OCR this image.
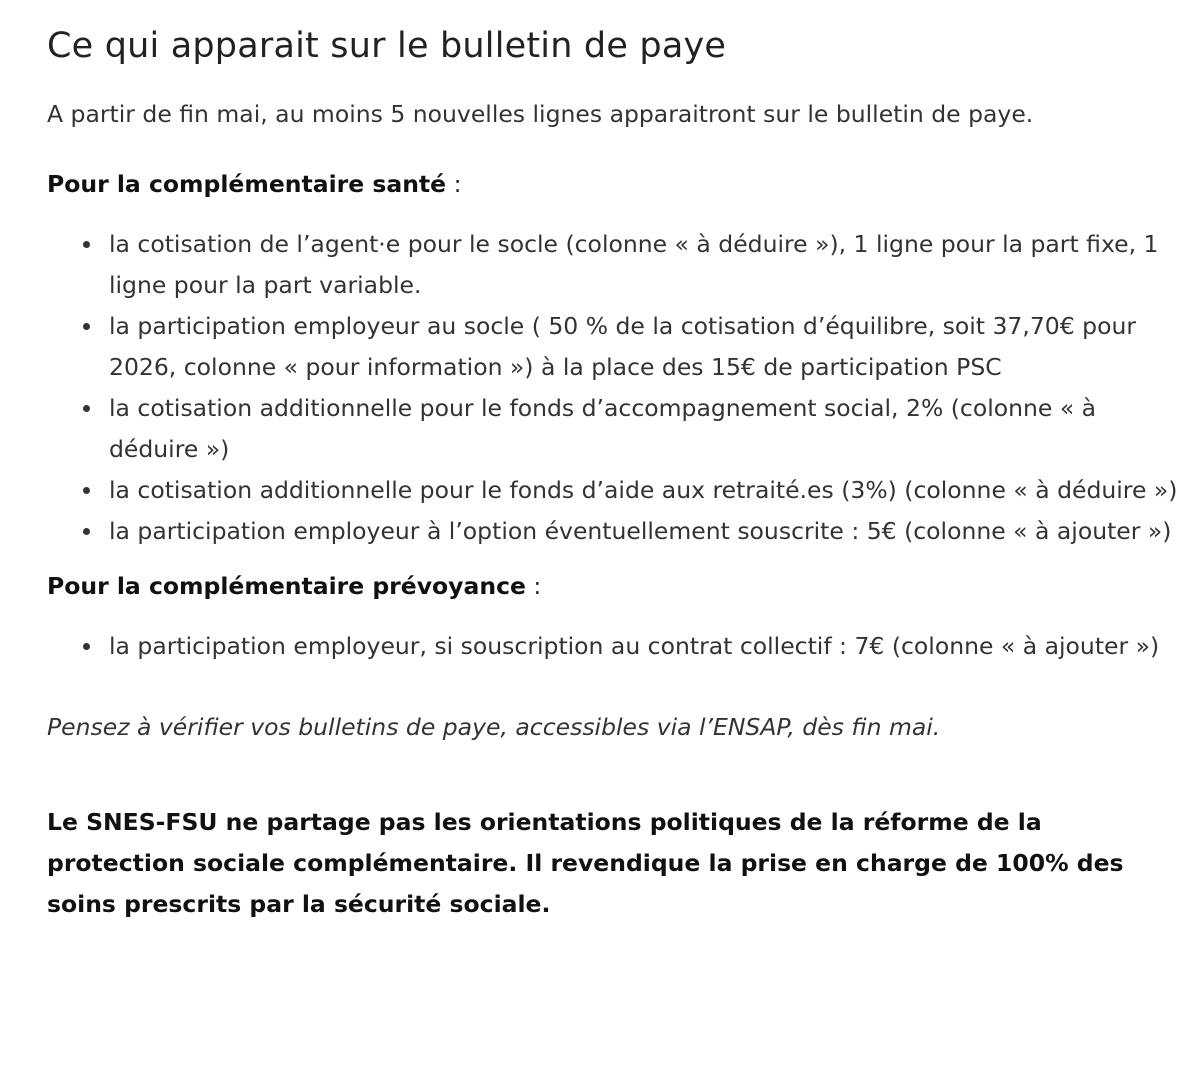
Ce qui apparait sur le bulletin de paye

A partir de fin mai, au moins 5 nouvelles lignes apparaitront sur le bulletin de paye.

Pour la complémentaire santé :

la cotisation de l’agent·e pour le socle (colonne « à déduire »), 1 ligne pour la part fixe, 1 ligne pour la part variable.
la participation employeur au socle ( 50 % de la cotisation d’équilibre, soit 37,70€ pour 2026, colonne « pour information ») à la place des 15€ de participation PSC
la cotisation additionnelle pour le fonds d’accompagnement social, 2% (colonne « à déduire »)
la cotisation additionnelle pour le fonds d’aide aux retraité.es (3%) (colonne « à déduire »)
la participation employeur à l’option éventuellement souscrite : 5€ (colonne « à ajouter »)

Pour la complémentaire prévoyance :

la participation employeur, si souscription au contrat collectif : 7€ (colonne « à ajouter »)

Pensez à vérifier vos bulletins de paye, accessibles via l’ENSAP, dès fin mai.

Le SNES-FSU ne partage pas les orientations politiques de la réforme de la protection sociale complémentaire. Il revendique la prise en charge de 100% des soins prescrits par la sécurité sociale.
